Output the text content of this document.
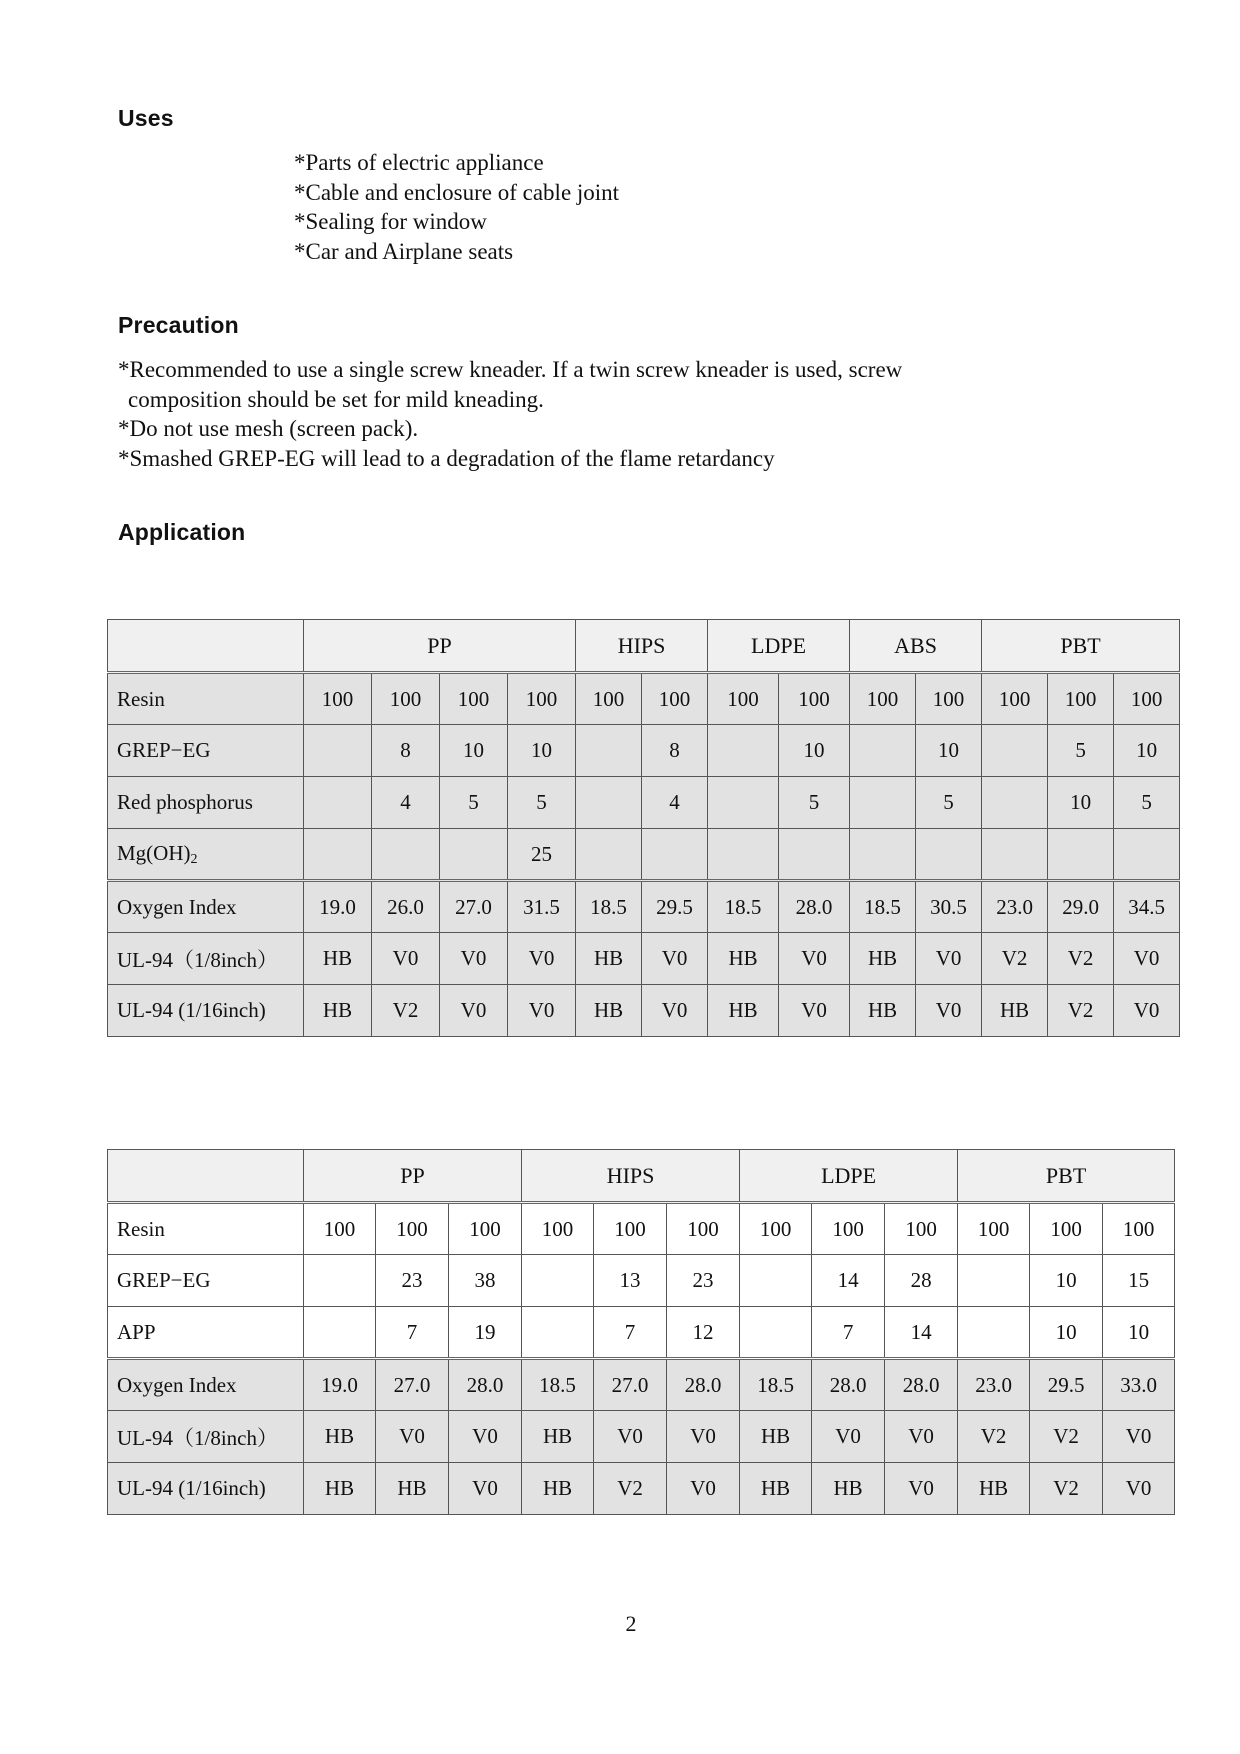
Uses
*Parts of electric appliance
*Cable and enclosure of cable joint
*Sealing for window
*Car and Airplane seats
Precaution
*Recommended to use a single screw kneader. If a twin screw kneader is used, screw
composition should be set for mild kneading.
*Do not use mesh (screen pack).
*Smashed GREP-EG will lead to a degradation of the flame retardancy
Application
	PP				HIPS		LDPE		ABS		PBT		
Resin	100	100	100	100	100	100	100	100	100	100	100	100	100
GREP−EG		8	10	10		8		10		10		5	10
Red phosphorus		4	5	5		4		5		5		10	5
$Mg(OH)_2$				25									
Oxygen Index	19.0	26.0	27.0	31.5	18.5	29.5	18.5	28.0	18.5	30.5	23.0	29.0	34.5
UL-94（1/8inch）	HB	V0	V0	V0	HB	V0	HB	V0	HB	V0	V2	V2	V0
UL-94 (1/16inch)	HB	V2	V0	V0	HB	V0	HB	V0	HB	V0	HB	V2	V0
	PP			HIPS			LDPE			PBT		
Resin	100	100	100	100	100	100	100	100	100	100	100	100
GREP−EG		23	38		13	23		14	28		10	15
APP		7	19		7	12		7	14		10	10
Oxygen Index	19.0	27.0	28.0	18.5	27.0	28.0	18.5	28.0	28.0	23.0	29.5	33.0
UL-94（1/8inch）	HB	V0	V0	HB	V0	V0	HB	V0	V0	V2	V2	V0
UL-94 (1/16inch)	HB	HB	V0	HB	V2	V0	HB	HB	V0	HB	V2	V0
2
